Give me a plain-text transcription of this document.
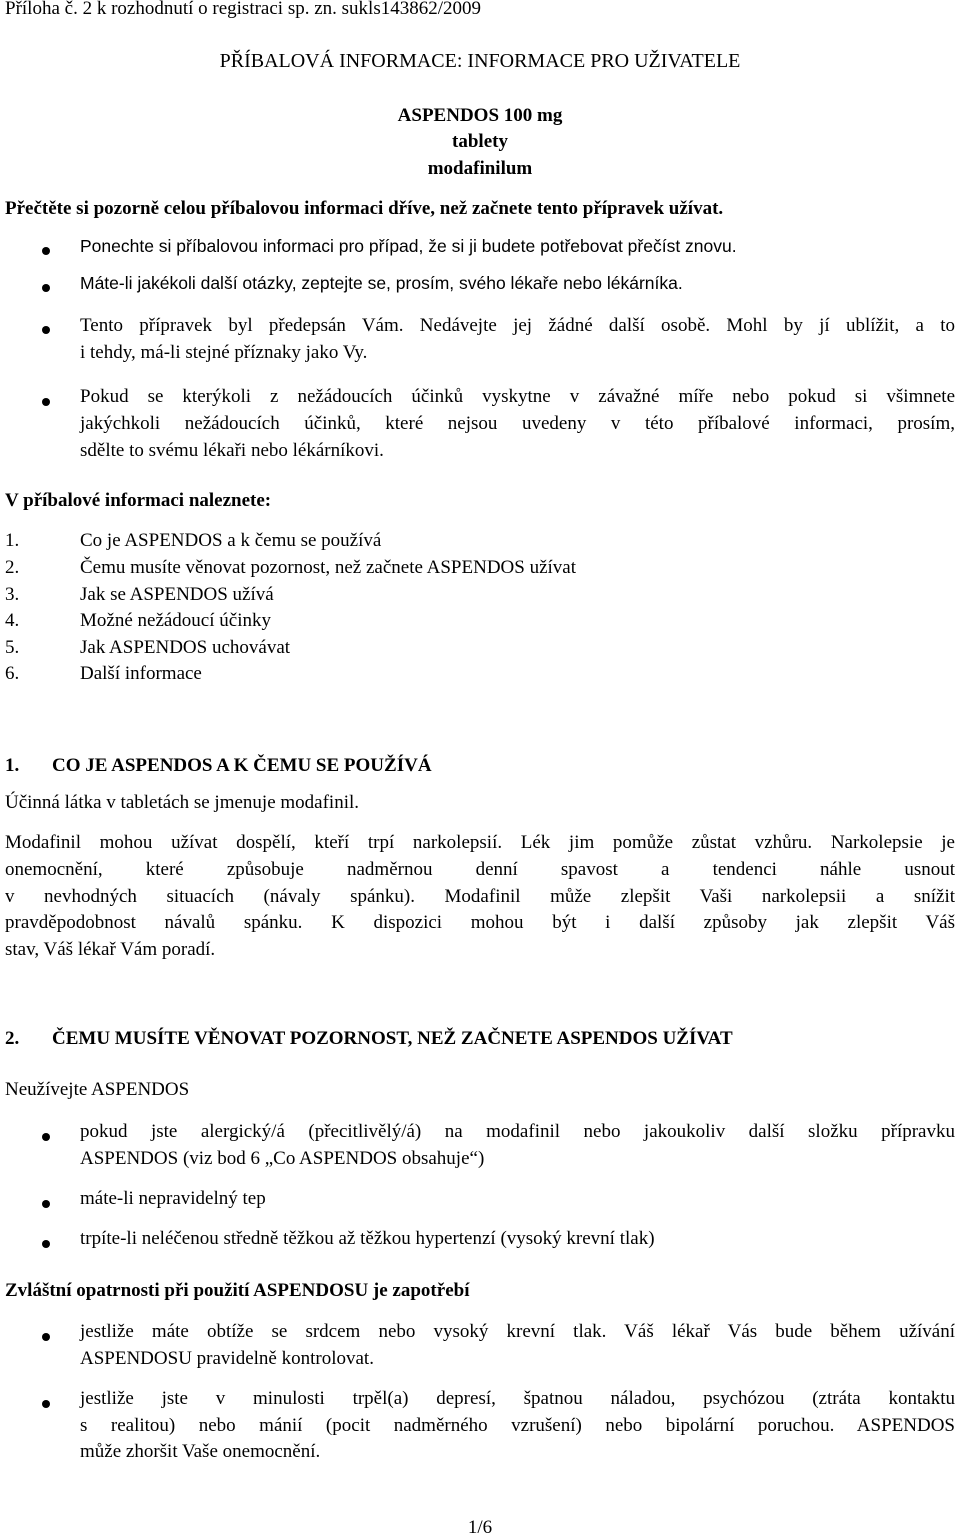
Příloha č. 2 k rozhodnutí o registraci sp. zn. sukls143862/2009
PŘÍBALOVÁ INFORMACE: INFORMACE PRO UŽIVATELE
ASPENDOS 100 mg
tablety
modafinilum
Přečtěte si pozorně celou příbalovou informaci dříve, než začnete tento přípravek užívat.
Ponechte si příbalovou informaci pro případ, že si ji budete potřebovat přečíst znovu.
Máte-li jakékoli další otázky, zeptejte se, prosím, svého lékaře nebo lékárníka.
Tento přípravek byl předepsán Vám. Nedávejte jej žádné další osobě. Mohl by jí ublížit, a to
i tehdy, má-li stejné příznaky jako Vy.
Pokud se kterýkoli z nežádoucích účinků vyskytne v závažné míře nebo pokud si všimnete
jakýchkoli nežádoucích účinků, které nejsou uvedeny v této příbalové informaci, prosím,
sdělte to svému lékaři nebo lékárníkovi.
V příbalové informaci naleznete:
1.	Co je ASPENDOS a k čemu se používá
2.	Čemu musíte věnovat pozornost, než začnete ASPENDOS užívat
3.	Jak se ASPENDOS užívá
4.	Možné nežádoucí účinky
5.	Jak ASPENDOS uchovávat
6.	Další informace
1. CO JE ASPENDOS A K ČEMU SE POUŽÍVÁ
Účinná látka v tabletách se jmenuje modafinil.
Modafinil mohou užívat dospělí, kteří trpí narkolepsií. Lék jim pomůže zůstat vzhůru. Narkolepsie je
onemocnění, které způsobuje nadměrnou denní spavost a tendenci náhle usnout
v nevhodných situacích (návaly spánku). Modafinil může zlepšit Vaši narkolepsii a snížit
pravděpodobnost návalů spánku. K dispozici mohou být i další způsoby jak zlepšit Váš
stav, Váš lékař Vám poradí.
2. ČEMU MUSÍTE VĚNOVAT POZORNOST, NEŽ ZAČNETE ASPENDOS UŽÍVAT
Neužívejte ASPENDOS
pokud jste alergický/á (přecitlivělý/á) na modafinil nebo jakoukoliv další složku přípravku
ASPENDOS (viz bod 6 „Co ASPENDOS obsahuje“)
máte-li nepravidelný tep
trpíte-li neléčenou středně těžkou až těžkou hypertenzí (vysoký krevní tlak)
Zvláštní opatrnosti při použití ASPENDOSU je zapotřebí
jestliže máte obtíže se srdcem nebo vysoký krevní tlak. Váš lékař Vás bude během užívání
ASPENDOSU pravidelně kontrolovat.
jestliže jste v minulosti trpěl(a) depresí, špatnou náladou, psychózou (ztráta kontaktu
s realitou) nebo mánií (pocit nadměrného vzrušení) nebo bipolární poruchou. ASPENDOS
může zhoršit Vaše onemocnění.
1/6
